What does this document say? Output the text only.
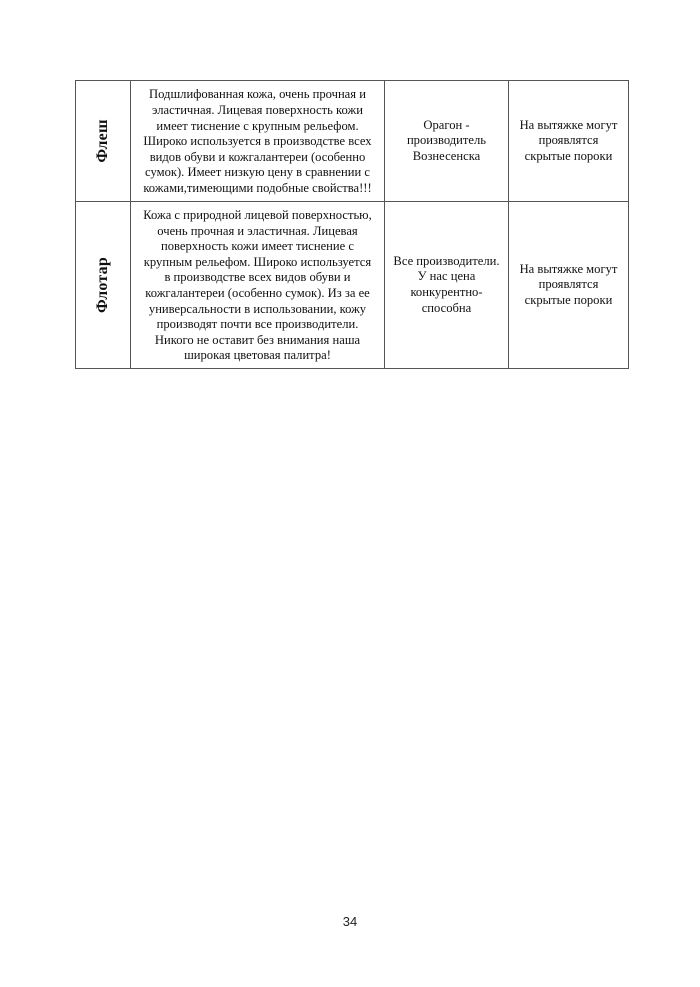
Флеш	Подшлифованная кожа, очень прочная и эластичная. Лицевая поверхность кожи имеет тиснение с крупным рельефом. Широко используется в производстве всех видов обуви и кожгалантереи (особенно сумок). Имеет низкую цену в сравнении с кожами,тимеющими подобные свойства!!!	Орагон - производитель Вознесенска	На вытяжке могут проявлятся скрытые пороки

Флотар	Кожа с природной лицевой поверхностью, очень прочная и эластичная. Лицевая поверхность кожи имеет тиснение с крупным рельефом. Широко используется в производстве всех видов обуви и кожгалантереи (особенно сумок). Из за ее универсальности в использовании, кожу производят почти все производители. Никого не оставит без внимания наша широкая цветовая палитра!	Все производители. У нас цена конкурентно-способна	На вытяжке могут проявлятся скрытые пороки
34
